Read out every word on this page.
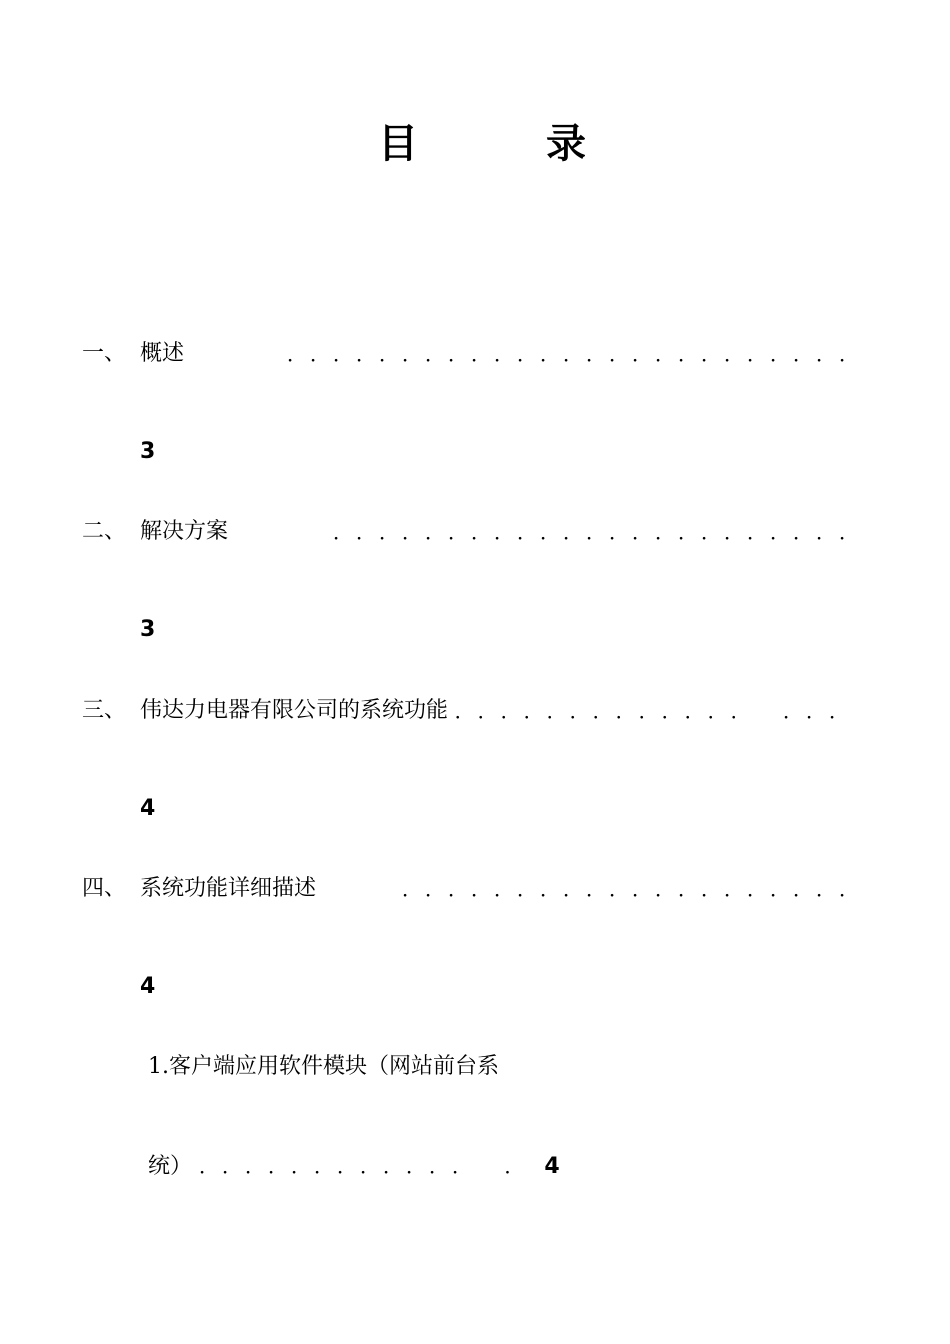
目	录
一、 概述	．．．．．．．．．．．．．．．．．．．．．．．．．
3
二、 解决方案	．．．．．．．．．．．．．．．．．．．．．．．
3
三、 伟达力电器有限公司的系统功能 ．．．．．．．．．．．．． ．．．
4
四、 系统功能详细描述	．．．．．．．．．．．．．．．．．．．．
4
1.客户端应用软件模块（网站前台系
统） ．．．．．．．．．．．． ． 4
